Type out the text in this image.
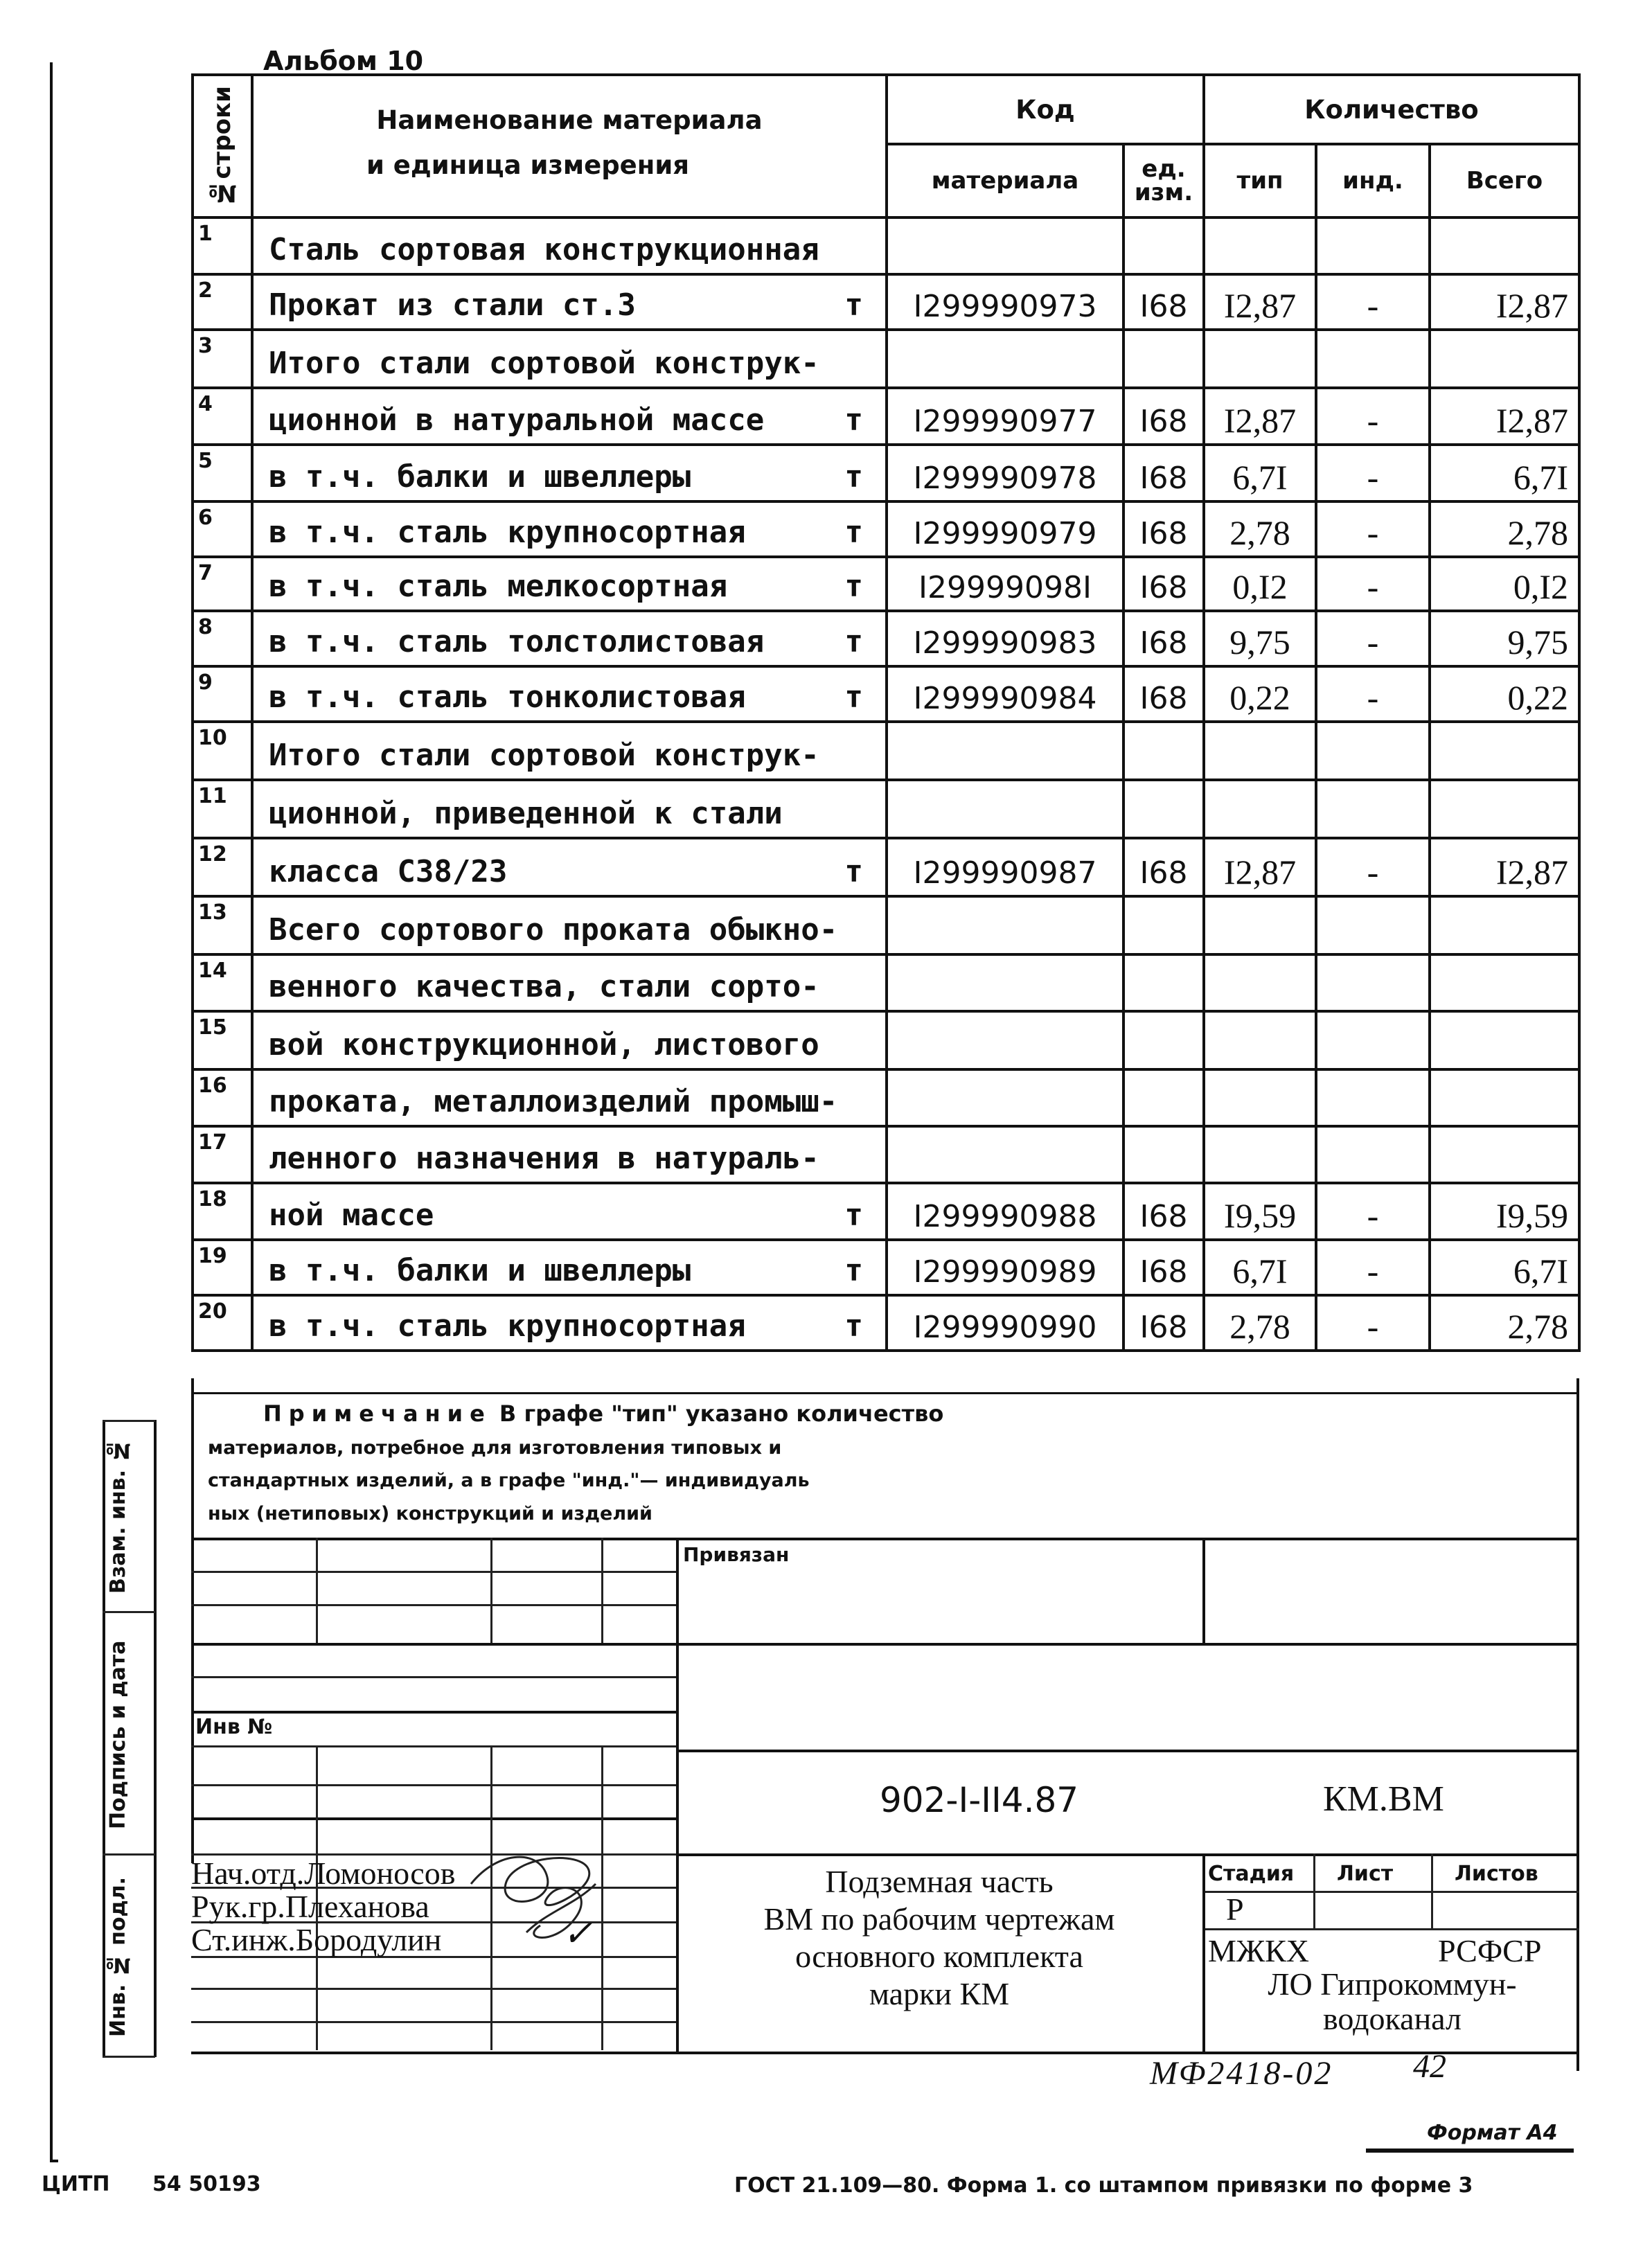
Альбом 10
№строки	Наименование материала
и единица измерения	Код		Количество		
		материала	ед. изм.	тип	инд.	Всего
1	Сталь сортовая конструкционная					

2	Прокат из стали ст.3 т	I299990973	I68	I2,87	-	I2,87
3	Итого стали сортовой конструк-					

4	ционной в натуральной массе т	I299990977	I68	I2,87	-	I2,87
5	в т.ч. балки и швеллеры т	I299990978	I68	6,7I	-	6,7I
6	в т.ч. сталь крупносортная т	I299990979	I68	2,78	-	2,78
7	в т.ч. сталь мелкосортная т	I29999098I	I68	0,I2	-	0,I2
8	в т.ч. сталь толстолистовая т	I299990983	I68	9,75	-	9,75
9	в т.ч. сталь тонколистовая т	I299990984	I68	0,22	-	0,22
10	Итого стали сортовой конструк-					

11	ционной, приведенной к стали					

12	класса С38/23 т	I299990987	I68	I2,87	-	I2,87
13	Всего сортового проката обыкно-					

14	венного качества, стали сорто-					

15	вой конструкционной, листового					

16	проката, металлоизделий промыш-					

17	ленного назначения в натураль-					

18	ной массе т	I299990988	I68	I9,59	-	I9,59
19	в т.ч. балки и швеллеры т	I299990989	I68	6,7I	-	6,7I
20	в т.ч. сталь крупносортная т	I299990990	I68	2,78	-	2,78
Примечание В графе "тип" указано количество
материалов, потребное для изготовления типовых и
стандартных изделий, а в графе "инд."— индивидуаль
ных (нетиповых) конструкций и изделий
Взам. инв. №
Подпись и дата
Инв. № подл.
Привязан
Инв №
902-I-II4.87	КМ.ВМ
Нач.отд.Ломоносов
Рук.гр.Плеханова
Ст.инж.Бородулин	✓
Подземная часть
ВМ по рабочим чертежам
основного комплекта
марки КМ
Стадия Лист	Листов
Р
МЖКХ	РСФСР
ЛО Гипрокоммун-
водоканал
МФ2418-02 42
Формат А4
ЦИТП 54 50193	ГОСТ 21.109—80. Форма 1. со штампом привязки по форме 3
